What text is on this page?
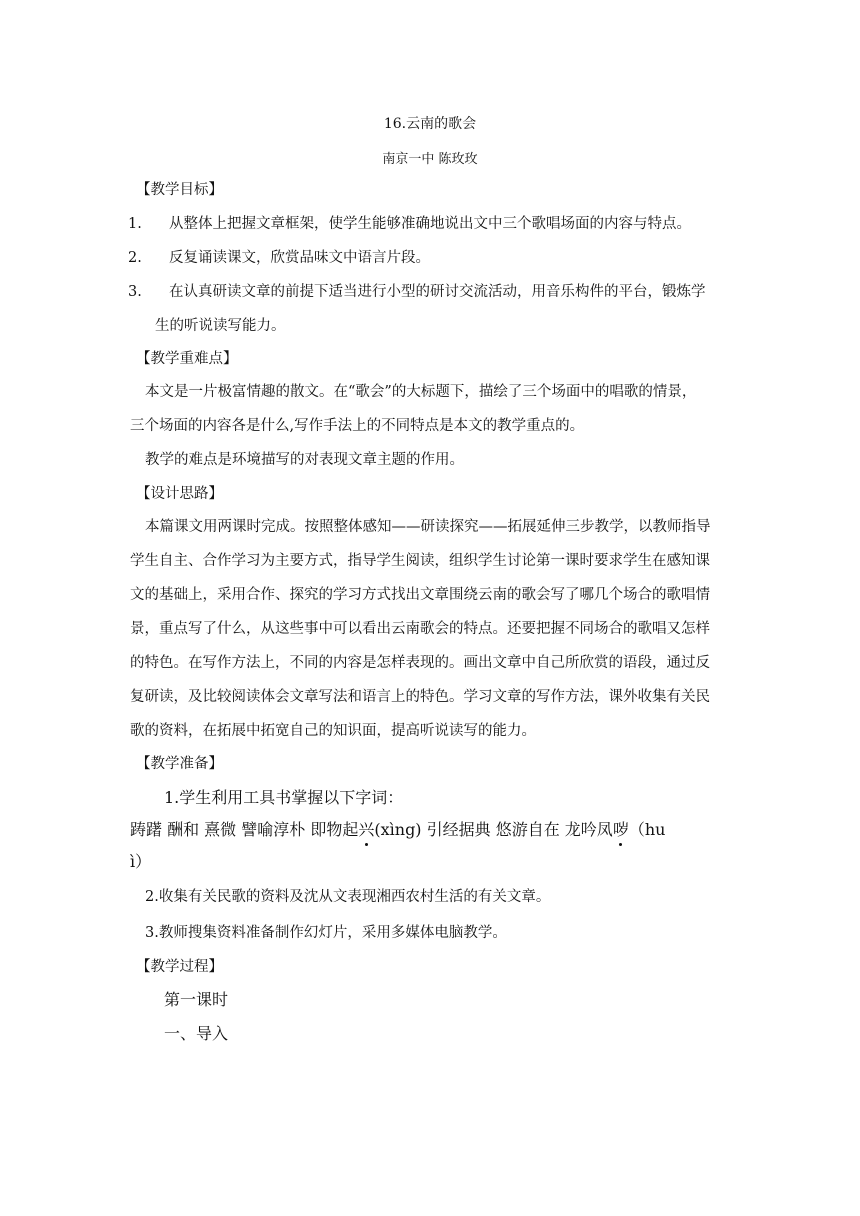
16.云南的歌会
南京一中 陈玫玫
【教学目标】
1. 从整体上把握文章框架，使学生能够准确地说出文中三个歌唱场面的内容与特点。
2. 反复诵读课文，欣赏品味文中语言片段。
3. 在认真研读文章的前提下适当进行小型的研讨交流活动，用音乐构件的平台，锻炼学
生的听说读写能力。
【教学重难点】
本文是一片极富情趣的散文。在“歌会”的大标题下，描绘了三个场面中的唱歌的情景，
三个场面的内容各是什么,写作手法上的不同特点是本文的教学重点的。
教学的难点是环境描写的对表现文章主题的作用。
【设计思路】
本篇课文用两课时完成。按照整体感知——研读探究——拓展延伸三步教学，以教师指导
学生自主、合作学习为主要方式，指导学生阅读，组织学生讨论第一课时要求学生在感知课
文的基础上，采用合作、探究的学习方式找出文章围绕云南的歌会写了哪几个场合的歌唱情
景，重点写了什么，从这些事中可以看出云南歌会的特点。还要把握不同场合的歌唱又怎样
的特色。在写作方法上，不同的内容是怎样表现的。画出文章中自己所欣赏的语段，通过反
复研读，及比较阅读体会文章写法和语言上的特色。学习文章的写作方法，课外收集有关民
歌的资料，在拓展中拓宽自己的知识面，提高听说读写的能力。
【教学准备】
1.学生利用工具书掌握以下字词：
踌躇 酬和 熹微 譬喻淳朴 即物起兴(xìng) 引经据典 悠游自在 龙吟凤哕（hu
ì）
2.收集有关民歌的资料及沈从文表现湘西农村生活的有关文章。
3.教师搜集资料准备制作幻灯片，采用多媒体电脑教学。
【教学过程】
第一课时
一、导入
